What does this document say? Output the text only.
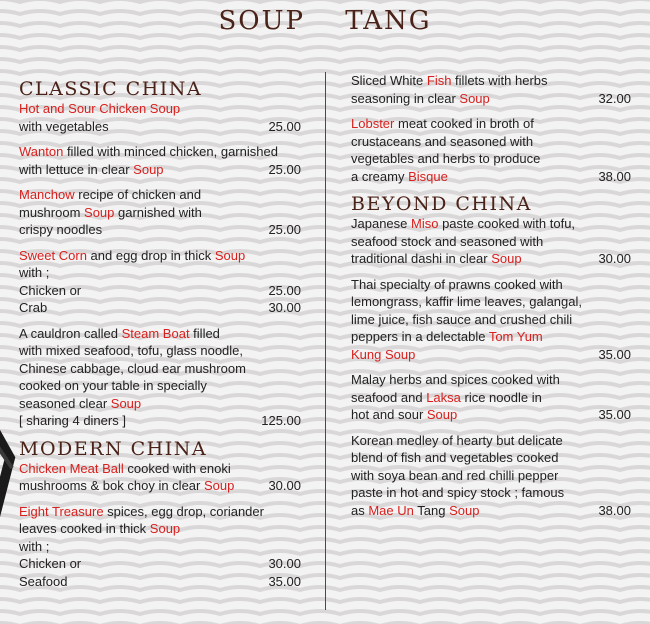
SOUP TANG
CLASSIC CHINA
Hot and Sour Chicken Soup
with vegetables	25.00
Wanton filled with minced chicken, garnished
with lettuce in clear Soup	25.00
Manchow recipe of chicken and
mushroom Soup garnished with
crispy noodles	25.00
Sweet Corn and egg drop in thick Soup
with ;
Chicken or	25.00
Crab	30.00
A cauldron called Steam Boat filled
with mixed seafood, tofu, glass noodle,
Chinese cabbage, cloud ear mushroom
cooked on your table in specially
seasoned clear Soup
[ sharing 4 diners ]	125.00
MODERN CHINA
Chicken Meat Ball cooked with enoki
mushrooms & bok choy in clear Soup	30.00
Eight Treasure spices, egg drop, coriander
leaves cooked in thick Soup
with ;
Chicken or	30.00
Seafood	35.00
Sliced White Fish fillets with herbs
seasoning in clear Soup	32.00
Lobster meat cooked in broth of
crustaceans and seasoned with
vegetables and herbs to produce
a creamy Bisque	38.00
BEYOND CHINA
Japanese Miso paste cooked with tofu,
seafood stock and seasoned with
traditional dashi in clear Soup	30.00
Thai specialty of prawns cooked with
lemongrass, kaffir lime leaves, galangal,
lime juice, fish sauce and crushed chili
peppers in a delectable Tom Yum
Kung Soup	35.00
Malay herbs and spices cooked with
seafood and Laksa rice noodle in
hot and sour Soup	35.00
Korean medley of hearty but delicate
blend of fish and vegetables cooked
with soya bean and red chilli pepper
paste in hot and spicy stock ; famous
as Mae Un Tang Soup	38.00
